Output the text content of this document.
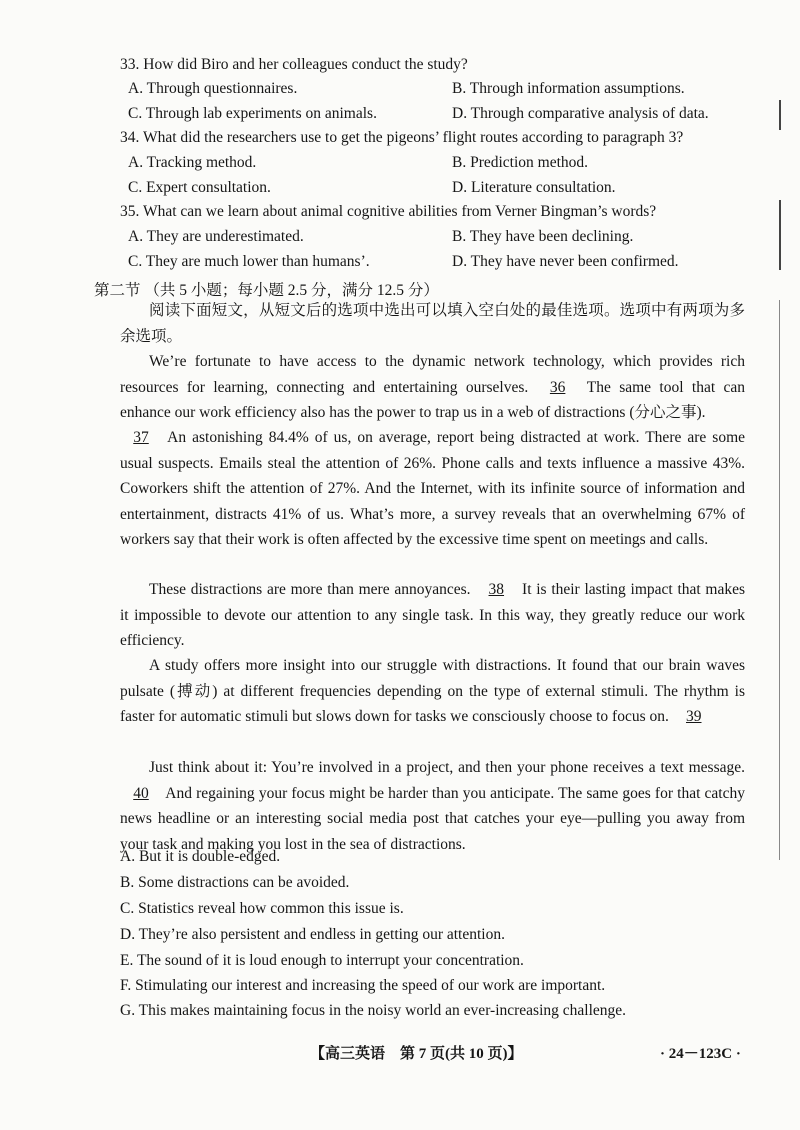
33. How did Biro and her colleagues conduct the study?
A. Through questionnaires.	B. Through information assumptions.
C. Through lab experiments on animals.	D. Through comparative analysis of data.
34. What did the researchers use to get the pigeons’ flight routes according to paragraph 3?
A. Tracking method.	B. Prediction method.
C. Expert consultation.	D. Literature consultation.
35. What can we learn about animal cognitive abilities from Verner Bingman’s words?
A. They are underestimated.	B. They have been declining.
C. They are much lower than humans’.	D. They have never been confirmed.
第二节 （共 5 小题；每小题 2.5 分，满分 12.5 分）
阅读下面短文，从短文后的选项中选出可以填入空白处的最佳选项。选项中有两项为多余选项。
We’re fortunate to have access to the dynamic network technology, which provides rich resources for learning, connecting and entertaining ourselves. 36 The same tool that can enhance our work efficiency also has the power to trap us in a web of distractions (分心之事).
37 An astonishing 84.4% of us, on average, report being distracted at work. There are some usual suspects. Emails steal the attention of 26%. Phone calls and texts influence a massive 43%. Coworkers shift the attention of 27%. And the Internet, with its infinite source of information and entertainment, distracts 41% of us. What’s more, a survey reveals that an overwhelming 67% of workers say that their work is often affected by the excessive time spent on meetings and calls.
These distractions are more than mere annoyances. 38 It is their lasting impact that makes it impossible to devote our attention to any single task. In this way, they greatly reduce our work efficiency.
A study offers more insight into our struggle with distractions. It found that our brain waves pulsate (搏动) at different frequencies depending on the type of external stimuli. The rhythm is faster for automatic stimuli but slows down for tasks we consciously choose to focus on. 39
Just think about it: You’re involved in a project, and then your phone receives a text message. 40 And regaining your focus might be harder than you anticipate. The same goes for that catchy news headline or an interesting social media post that catches your eye—pulling you away from your task and making you lost in the sea of distractions.
A. But it is double-edged.
B. Some distractions can be avoided.
C. Statistics reveal how common this issue is.
D. They’re also persistent and endless in getting our attention.
E. The sound of it is loud enough to interrupt your concentration.
F. Stimulating our interest and increasing the speed of our work are important.
G. This makes maintaining focus in the noisy world an ever-increasing challenge.
【高三英语　第 7 页(共 10 页)】	· 24－123C ·
